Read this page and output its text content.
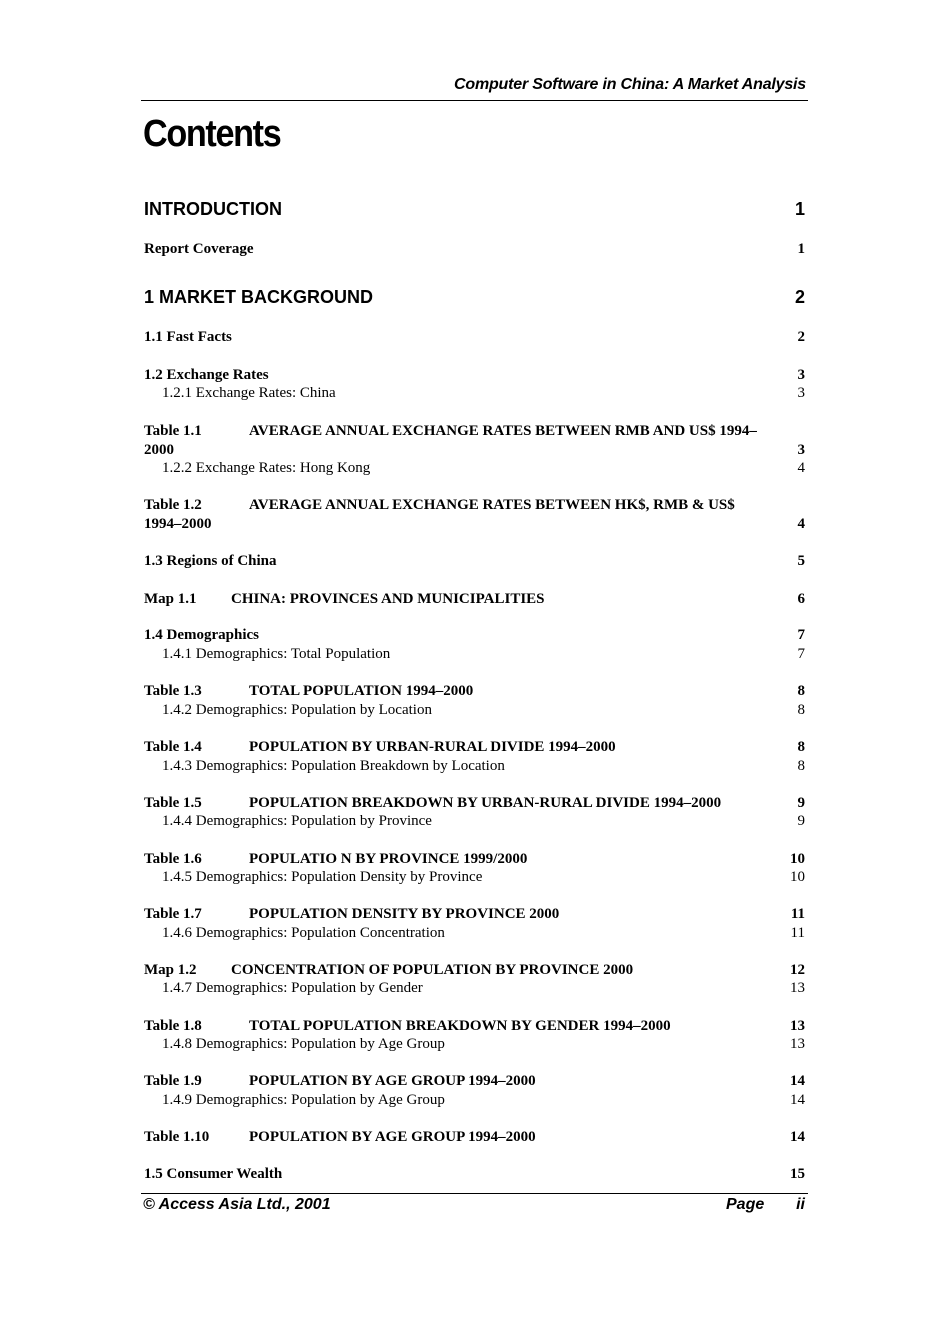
Computer Software in China: A Market Analysis
Contents
INTRODUCTION	1
Report Coverage	1
1 MARKET BACKGROUND	2
1.1 Fast Facts	2
1.2 Exchange Rates	3
1.2.1 Exchange Rates: China	3
Table 1.1	AVERAGE ANNUAL EXCHANGE RATES BETWEEN RMB AND US$ 1994–
2000	3
1.2.2 Exchange Rates: Hong Kong	4
Table 1.2	AVERAGE ANNUAL EXCHANGE RATES BETWEEN HK$, RMB & US$
1994–2000	4
1.3 Regions of China	5
Map 1.1 CHINA: PROVINCES AND MUNICIPALITIES	6
1.4 Demographics	7
1.4.1 Demographics: Total Population	7
Table 1.3	TOTAL POPULATION 1994–2000	8
1.4.2 Demographics: Population by Location	8
Table 1.4	POPULATION BY URBAN-RURAL DIVIDE 1994–2000	8
1.4.3 Demographics: Population Breakdown by Location	8
Table 1.5	POPULATION BREAKDOWN BY URBAN-RURAL DIVIDE 1994–2000	9
1.4.4 Demographics: Population by Province	9
Table 1.6	POPULATIO N BY PROVINCE 1999/2000	10
1.4.5 Demographics: Population Density by Province	10
Table 1.7	POPULATION DENSITY BY PROVINCE 2000	11
1.4.6 Demographics: Population Concentration	11
Map 1.2 CONCENTRATION OF POPULATION BY PROVINCE 2000	12
1.4.7 Demographics: Population by Gender	13
Table 1.8	TOTAL POPULATION BREAKDOWN BY GENDER 1994–2000	13
1.4.8 Demographics: Population by Age Group	13
Table 1.9	POPULATION BY AGE GROUP 1994–2000	14
1.4.9 Demographics: Population by Age Group	14
Table 1.10	POPULATION BY AGE GROUP 1994–2000	14
1.5 Consumer Wealth	15
© Access Asia Ltd., 2001	Page ii
